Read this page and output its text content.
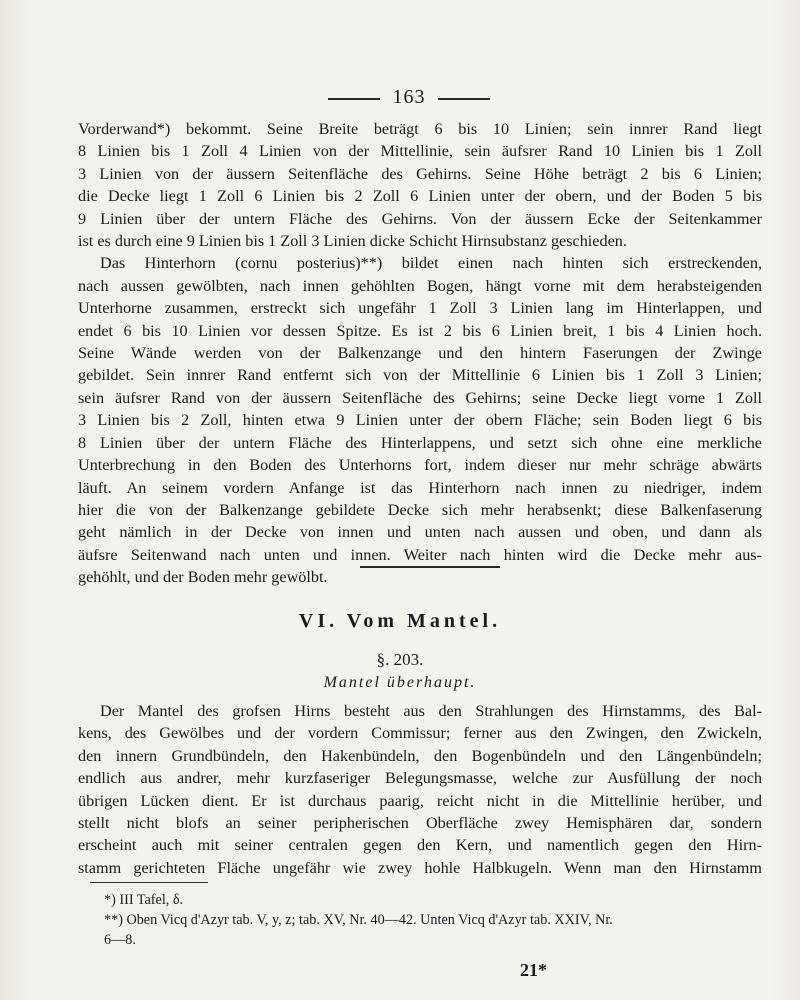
163

Vorderwand*) bekommt. Seine Breite beträgt 6 bis 10 Linien; sein innrer Rand liegt
8 Linien bis 1 Zoll 4 Linien von der Mittellinie, sein äufsrer Rand 10 Linien bis 1 Zoll
3 Linien von der äussern Seitenfläche des Gehirns. Seine Höhe beträgt 2 bis 6 Linien;
die Decke liegt 1 Zoll 6 Linien bis 2 Zoll 6 Linien unter der obern, und der Boden 5 bis
9 Linien über der untern Fläche des Gehirns. Von der äussern Ecke der Seitenkammer
ist es durch eine 9 Linien bis 1 Zoll 3 Linien dicke Schicht Hirnsubstanz geschieden.

Das Hinterhorn (cornu posterius)**) bildet einen nach hinten sich erstreckenden,
nach aussen gewölbten, nach innen gehöhlten Bogen, hängt vorne mit dem herabsteigenden
Unterhorne zusammen, erstreckt sich ungefähr 1 Zoll 3 Linien lang im Hinterlappen, und
endet 6 bis 10 Linien vor dessen Spitze. Es ist 2 bis 6 Linien breit, 1 bis 4 Linien hoch.
Seine Wände werden von der Balkenzange und den hintern Faserungen der Zwinge
gebildet. Sein innrer Rand entfernt sich von der Mittellinie 6 Linien bis 1 Zoll 3 Linien;
sein äufsrer Rand von der äussern Seitenfläche des Gehirns; seine Decke liegt vorne 1 Zoll
3 Linien bis 2 Zoll, hinten etwa 9 Linien unter der obern Fläche; sein Boden liegt 6 bis
8 Linien über der untern Fläche des Hinterlappens, und setzt sich ohne eine merkliche
Unterbrechung in den Boden des Unterhorns fort, indem dieser nur mehr schräge abwärts
läuft. An seinem vordern Anfange ist das Hinterhorn nach innen zu niedriger, indem
hier die von der Balkenzange gebildete Decke sich mehr herabsenkt; diese Balkenfaserung
geht nämlich in der Decke von innen und unten nach aussen und oben, und dann als
äufsre Seitenwand nach unten und innen. Weiter nach hinten wird die Decke mehr aus-
gehöhlt, und der Boden mehr gewölbt.

VI. Vom Mantel.
§. 203.
Mantel überhaupt.

Der Mantel des grofsen Hirns besteht aus den Strahlungen des Hirnstamms, des Bal-
kens, des Gewölbes und der vordern Commissur; ferner aus den Zwingen, den Zwickeln,
den innern Grundbündeln, den Hakenbündeln, den Bogenbündeln und den Längenbündeln;
endlich aus andrer, mehr kurzfaseriger Belegungsmasse, welche zur Ausfüllung der noch
übrigen Lücken dient. Er ist durchaus paarig, reicht nicht in die Mittellinie herüber, und
stellt nicht blofs an seiner peripherischen Oberfläche zwey Hemisphären dar, sondern
erscheint auch mit seiner centralen gegen den Kern, und namentlich gegen den Hirn-
stamm gerichteten Fläche ungefähr wie zwey hohle Halbkugeln. Wenn man den Hirnstamm

*) III Tafel, δ.
**) Oben Vicq d'Azyr tab. V, y, z; tab. XV, Nr. 40—42. Unten Vicq d'Azyr tab. XXIV, Nr.
6—8.
21*
